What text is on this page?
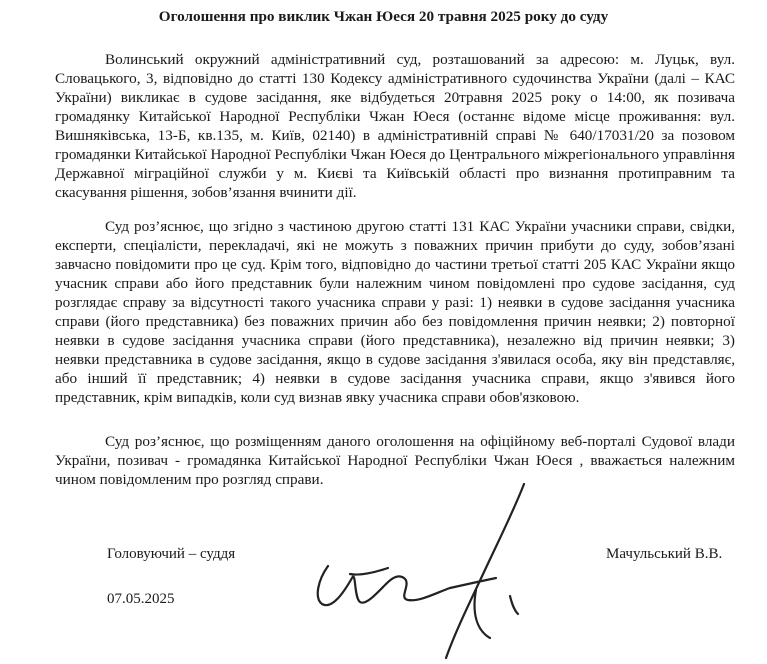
Оголошення про виклик Чжан Юеся 20 травня 2025 року до суду
Волинський окружний адміністративний суд, розташований за адресою: м. Луцьк, вул. Словацького, 3, відповідно до статті 130 Кодексу адміністративного судочинства України (далі – КАС України) викликає в судове засідання, яке відбудеться 20травня 2025 року о 14:00, як позивача громадянку Китайської Народної Республіки Чжан Юеся (останнє відоме місце проживання: вул. Вишняківська, 13-Б, кв.135, м. Київ, 02140) в адміністративній справі № 640/17031/20 за позовом громадянки Китайської Народної Республіки Чжан Юеся до Центрального міжрегіонального управління Державної міграційної служби у м. Києві та Київській області про визнання протиправним та скасування рішення, зобов’язання вчинити дії.
Суд роз’яснює, що згідно з частиною другою статті 131 КАС України учасники справи, свідки, експерти, спеціалісти, перекладачі, які не можуть з поважних причин прибути до суду, зобов’язані завчасно повідомити про це суд. Крім того, відповідно до частини третьої статті 205 КАС України якщо учасник справи або його представник були належним чином повідомлені про судове засідання, суд розглядає справу за відсутності такого учасника справи у разі: 1) неявки в судове засідання учасника справи (його представника) без поважних причин або без повідомлення причин неявки; 2) повторної неявки в судове засідання учасника справи (його представника), незалежно від причин неявки; 3) неявки представника в судове засідання, якщо в судове засідання з'явилася особа, яку він представляє, або інший її представник; 4) неявки в судове засідання учасника справи, якщо з'явився його представник, крім випадків, коли суд визнав явку учасника справи обов'язковою.
Суд роз’яснює, що розміщенням даного оголошення на офіційному веб-порталі Судової влади України, позивач - громадянка Китайської Народної Республіки Чжан Юеся , вважається належним чином повідомленим про розгляд справи.
Головуючий – суддя	Мачульський В.В.
07.05.2025
